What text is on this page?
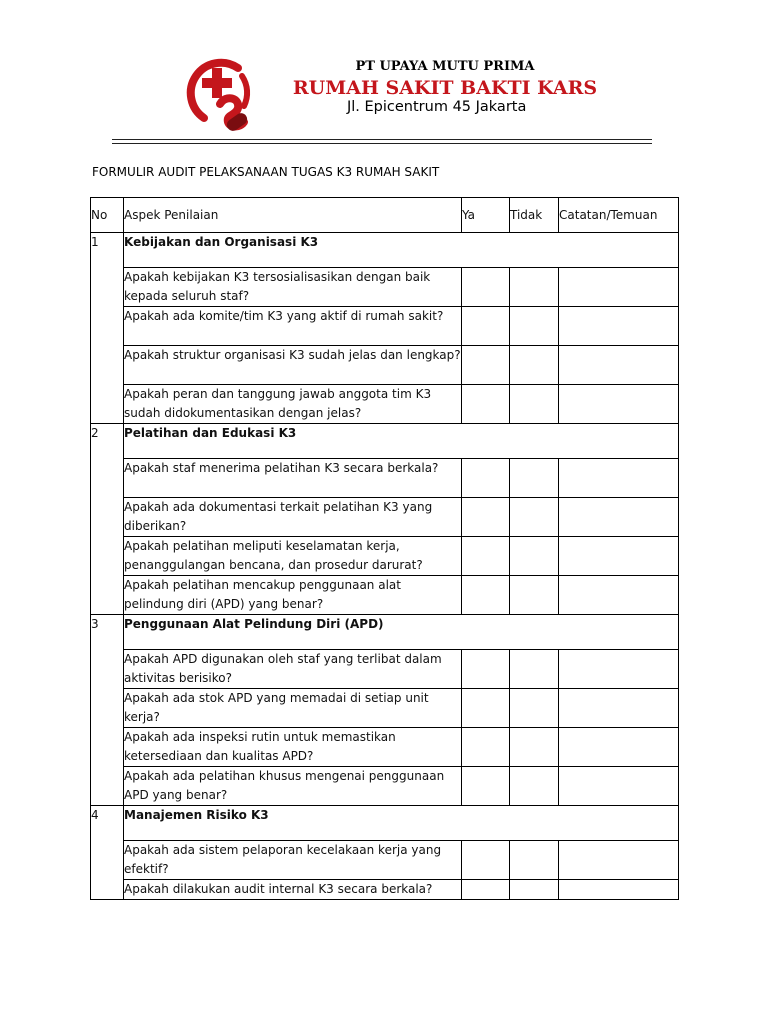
PT UPAYA MUTU PRIMA
RUMAH SAKIT BAKTI KARS
Jl. Epicentrum 45 Jakarta
FORMULIR AUDIT PELAKSANAAN TUGAS K3 RUMAH SAKIT
No	Aspek Penilaian	Ya	Tidak	Catatan/Temuan
1	Kebijakan dan Organisasi K3			
	Apakah kebijakan K3 tersosialisasikan dengan baik kepada seluruh staf?			
	Apakah ada komite/tim K3 yang aktif di rumah sakit?			
	Apakah struktur organisasi K3 sudah jelas dan lengkap?			
	Apakah peran dan tanggung jawab anggota tim K3 sudah didokumentasikan dengan jelas?			
2	Pelatihan dan Edukasi K3			
	Apakah staf menerima pelatihan K3 secara berkala?			
	Apakah ada dokumentasi terkait pelatihan K3 yang diberikan?			
	Apakah pelatihan meliputi keselamatan kerja, penanggulangan bencana, dan prosedur darurat?			
	Apakah pelatihan mencakup penggunaan alat pelindung diri (APD) yang benar?			
3	Penggunaan Alat Pelindung Diri (APD)			
	Apakah APD digunakan oleh staf yang terlibat dalam aktivitas berisiko?			
	Apakah ada stok APD yang memadai di setiap unit kerja?			
	Apakah ada inspeksi rutin untuk memastikan ketersediaan dan kualitas APD?			
	Apakah ada pelatihan khusus mengenai penggunaan APD yang benar?			
4	Manajemen Risiko K3			
	Apakah ada sistem pelaporan kecelakaan kerja yang efektif?			
	Apakah dilakukan audit internal K3 secara berkala?			
